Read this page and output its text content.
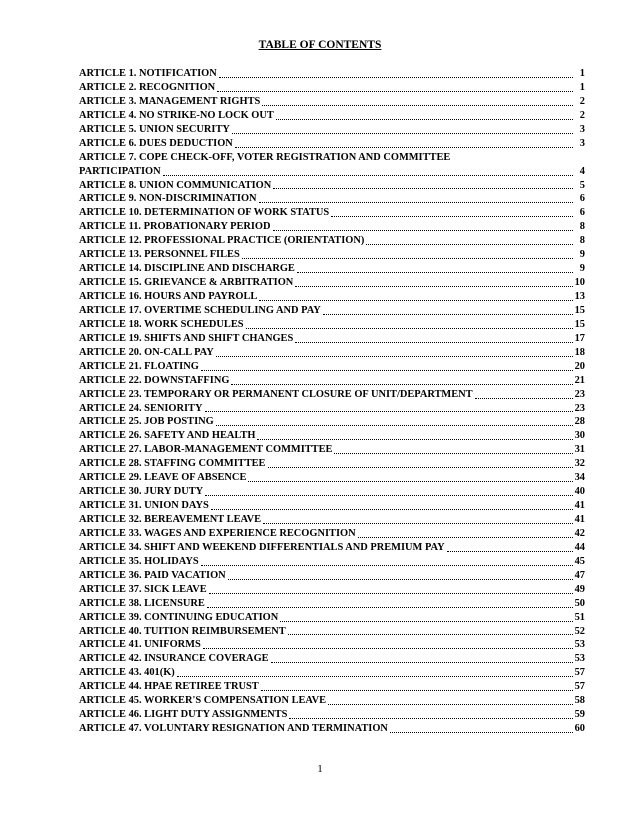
TABLE OF CONTENTS
ARTICLE 1. NOTIFICATION	1
ARTICLE 2. RECOGNITION	1
ARTICLE 3. MANAGEMENT RIGHTS	2
ARTICLE 4. NO STRIKE-NO LOCK OUT	2
ARTICLE 5. UNION SECURITY	3
ARTICLE 6. DUES DEDUCTION	3
ARTICLE 7. COPE CHECK-OFF, VOTER REGISTRATION AND COMMITTEE
PARTICIPATION	4
ARTICLE 8. UNION COMMUNICATION	5
ARTICLE 9. NON-DISCRIMINATION	6
ARTICLE 10. DETERMINATION OF WORK STATUS	6
ARTICLE 11. PROBATIONARY PERIOD	8
ARTICLE 12. PROFESSIONAL PRACTICE (ORIENTATION)	8
ARTICLE 13. PERSONNEL FILES	9
ARTICLE 14. DISCIPLINE AND DISCHARGE	9
ARTICLE 15. GRIEVANCE & ARBITRATION	10
ARTICLE 16. HOURS AND PAYROLL	13
ARTICLE 17. OVERTIME SCHEDULING AND PAY	15
ARTICLE 18. WORK SCHEDULES	15
ARTICLE 19. SHIFTS AND SHIFT CHANGES	17
ARTICLE 20. ON-CALL PAY	18
ARTICLE 21. FLOATING	20
ARTICLE 22. DOWNSTAFFING	21
ARTICLE 23. TEMPORARY OR PERMANENT CLOSURE OF UNIT/DEPARTMENT	23
ARTICLE 24. SENIORITY	23
ARTICLE 25. JOB POSTING	28
ARTICLE 26. SAFETY AND HEALTH	30
ARTICLE 27. LABOR-MANAGEMENT COMMITTEE	31
ARTICLE 28. STAFFING COMMITTEE	32
ARTICLE 29. LEAVE OF ABSENCE	34
ARTICLE 30. JURY DUTY	40
ARTICLE 31. UNION DAYS	41
ARTICLE 32. BEREAVEMENT LEAVE	41
ARTICLE 33. WAGES AND EXPERIENCE RECOGNITION	42
ARTICLE 34. SHIFT AND WEEKEND DIFFERENTIALS AND PREMIUM PAY	44
ARTICLE 35. HOLIDAYS	45
ARTICLE 36. PAID VACATION	47
ARTICLE 37. SICK LEAVE	49
ARTICLE 38. LICENSURE	50
ARTICLE 39. CONTINUING EDUCATION	51
ARTICLE 40. TUITION REIMBURSEMENT	52
ARTICLE 41. UNIFORMS	53
ARTICLE 42. INSURANCE COVERAGE	53
ARTICLE 43. 401(K)	57
ARTICLE 44. HPAE RETIREE TRUST	57
ARTICLE 45. WORKER'S COMPENSATION LEAVE	58
ARTICLE 46. LIGHT DUTY ASSIGNMENTS	59
ARTICLE 47. VOLUNTARY RESIGNATION AND TERMINATION	60
1
